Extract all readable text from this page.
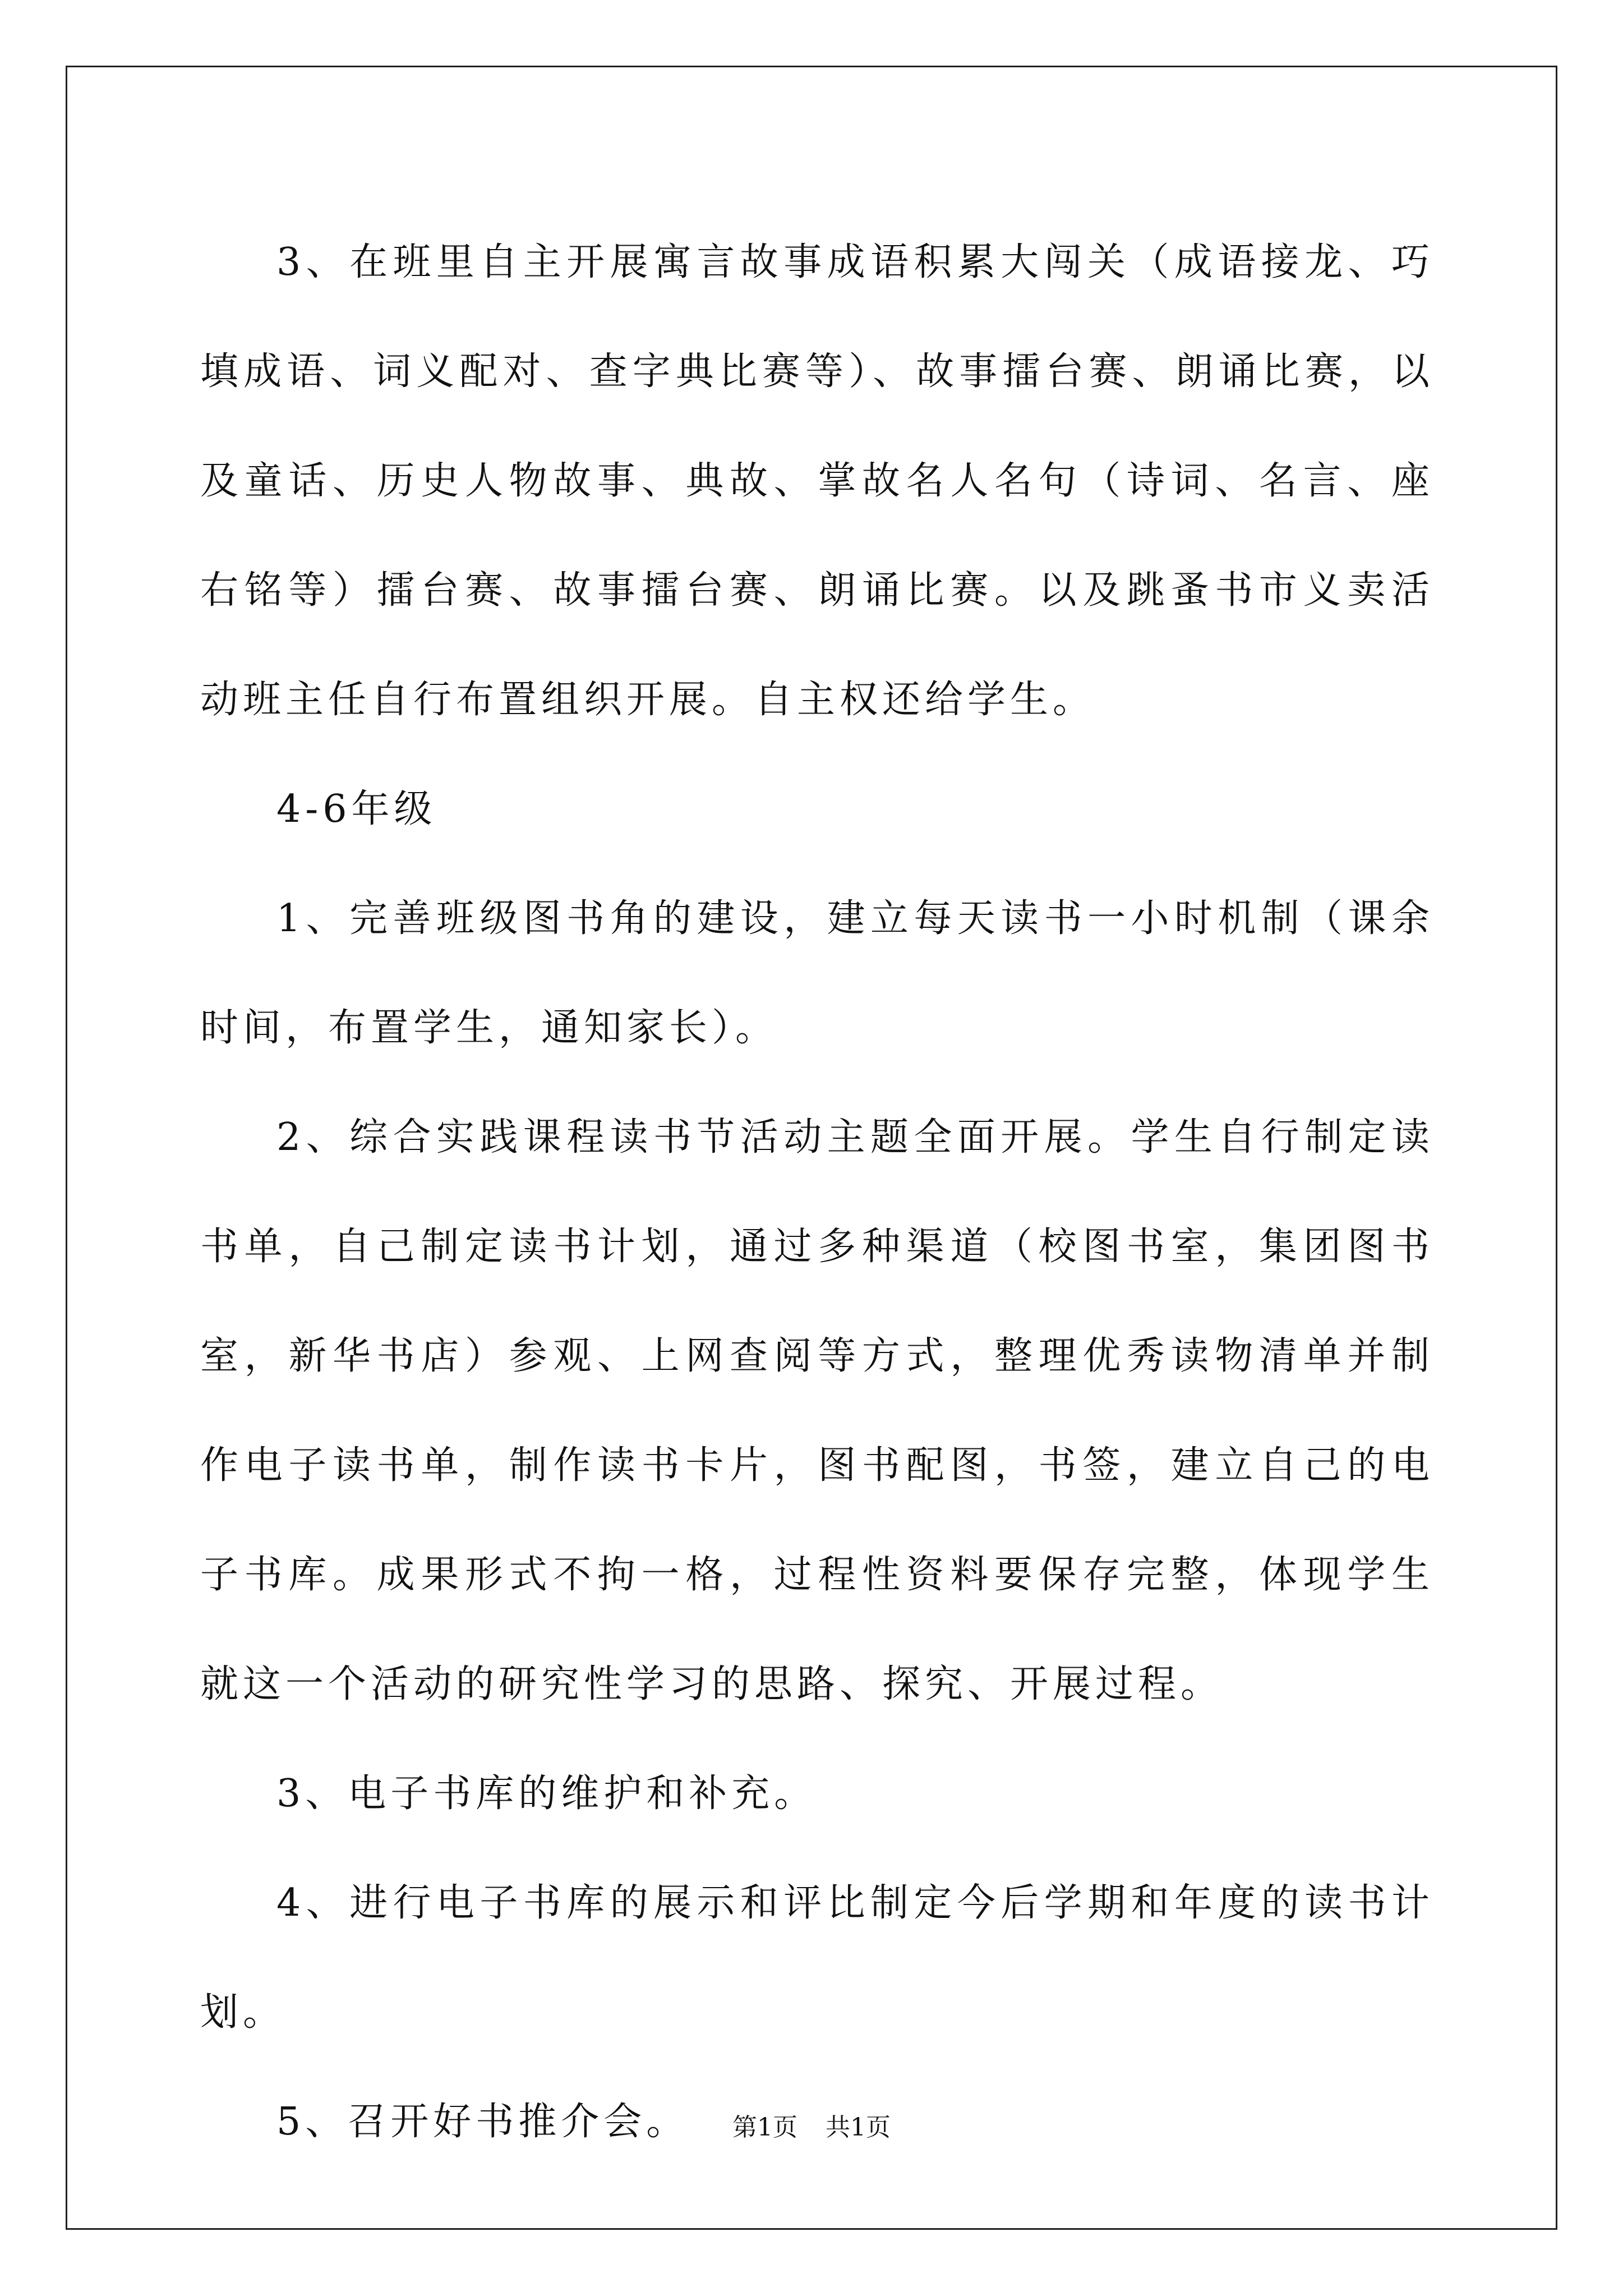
3、在班里自主开展寓言故事成语积累大闯关（成语接龙、巧填成语、词义配对、查字典比赛等）、故事擂台赛、朗诵比赛，以及童话、历史人物故事、典故、掌故名人名句（诗词、名言、座右铭等）擂台赛、故事擂台赛、朗诵比赛。以及跳蚤书市义卖活动班主任自行布置组织开展。自主权还给学生。

4-6年级

1、完善班级图书角的建设，建立每天读书一小时机制（课余时间，布置学生，通知家长）。

2、综合实践课程读书节活动主题全面开展。学生自行制定读书单，自己制定读书计划，通过多种渠道（校图书室，集团图书室，新华书店）参观、上网查阅等方式，整理优秀读物清单并制作电子读书单，制作读书卡片，图书配图，书签，建立自己的电子书库。成果形式不拘一格，过程性资料要保存完整，体现学生就这一个活动的研究性学习的思路、探究、开展过程。

3、电子书库的维护和补充。

4、进行电子书库的展示和评比制定今后学期和年度的读书计划。

5、召开好书推介会。	第1页 共1页
